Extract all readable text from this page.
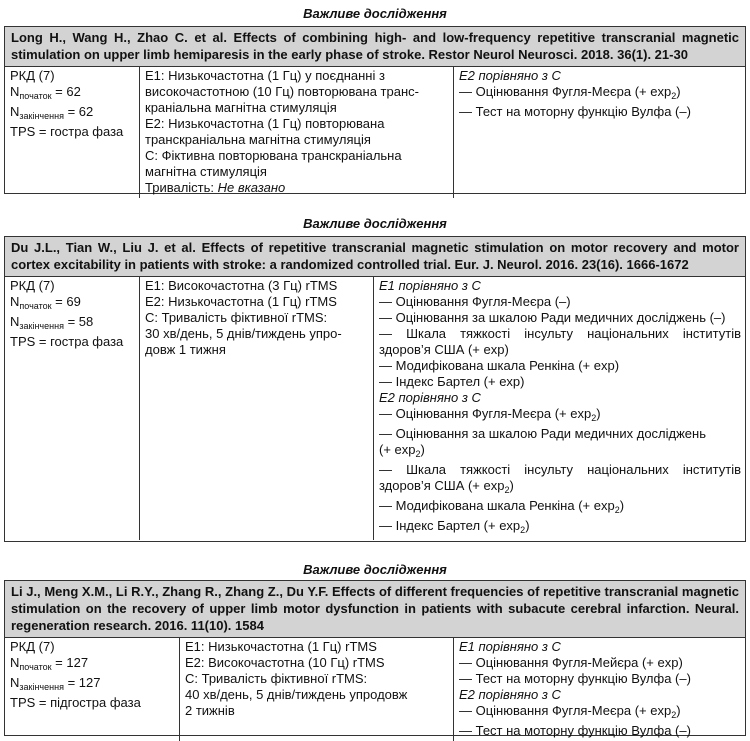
Важливе дослідження
Long H., Wang H., Zhao C. et al. Effects of combining high- and low-frequency repetitive transcranial magnetic stimulation on upper limb hemiparesis in the early phase of stroke. Restor Neurol Neurosci. 2018. 36(1). 21-30
РКД (7)
$N_{початок} = 62$
$N_{закінчення} = 62$
TPS = гостра фаза
E1: Низькочастотна (1 Гц) у поєднанні з
високочастотною (10 Гц) повторювана транс-
краніальна магнітна стимуляція
E2: Низькочастотна (1 Гц) повторювана
транскраніальна магнітна стимуляція
C: Фіктивна повторювана транскраніальна
магнітна стимуляція
Тривалість: Не вказано
E2 порівняно з C
— Оцінювання Фугля-Меєра (+ $\exp_2$)
— Тест на моторну функцію Вулфа (–)
Важливе дослідження
Du J.L., Tian W., Liu J. et al. Effects of repetitive transcranial magnetic stimulation on motor recovery and motor cortex excitability in patients with stroke: a randomized controlled trial. Eur. J. Neurol. 2016. 23(16). 1666-1672
РКД (7)
$N_{початок} = 69$
$N_{закінчення} = 58$
TPS = гостра фаза
E1: Високочастотна (3 Гц) rTMS
E2: Низькочастотна (1 Гц) rTMS
C: Тривалість фіктивної rTMS:
30 хв/день, 5 днів/тиждень упро-
довж 1 тижня
E1 порівняно з C
— Оцінювання Фугля-Меєра (–)
— Оцінювання за шкалою Ради медичних досліджень (–)
— Шкала тяжкості інсульту національних інститутів
здоров’я США (+ exp)
— Модифікована шкала Ренкіна (+ exp)
— Індекс Бартел (+ exp)
E2 порівняно з C
— Оцінювання Фугля-Меєра (+ $\exp_2$)
— Оцінювання за шкалою Ради медичних досліджень
(+ $\exp_2$)
— Шкала тяжкості інсульту національних інститутів
здоров’я США (+ $\exp_2$)
— Модифікована шкала Ренкіна (+ $\exp_2$)
— Індекс Бартел (+ $\exp_2$)
Важливе дослідження
Li J., Meng X.M., Li R.Y., Zhang R., Zhang Z., Du Y.F. Effects of different frequencies of repetitive transcranial magnetic stimulation on the recovery of upper limb motor dysfunction in patients with subacute cerebral infarction. Neural. regeneration research. 2016. 11(10). 1584
РКД (7)
$N_{початок} = 127$
$N_{закінчення} = 127$
TPS = підгостра фаза
E1: Низькочастотна (1 Гц) rTMS
E2: Високочастотна (10 Гц) rTMS
C: Тривалість фіктивної rTMS:
40 хв/день, 5 днів/тиждень упродовж
2 тижнів
E1 порівняно з C
— Оцінювання Фугля-Мейєра (+ exp)
— Тест на моторну функцію Вулфа (–)
E2 порівняно з C
— Оцінювання Фугля-Меєра (+ $\exp_2$)
— Тест на моторну функцію Вулфа (–)
